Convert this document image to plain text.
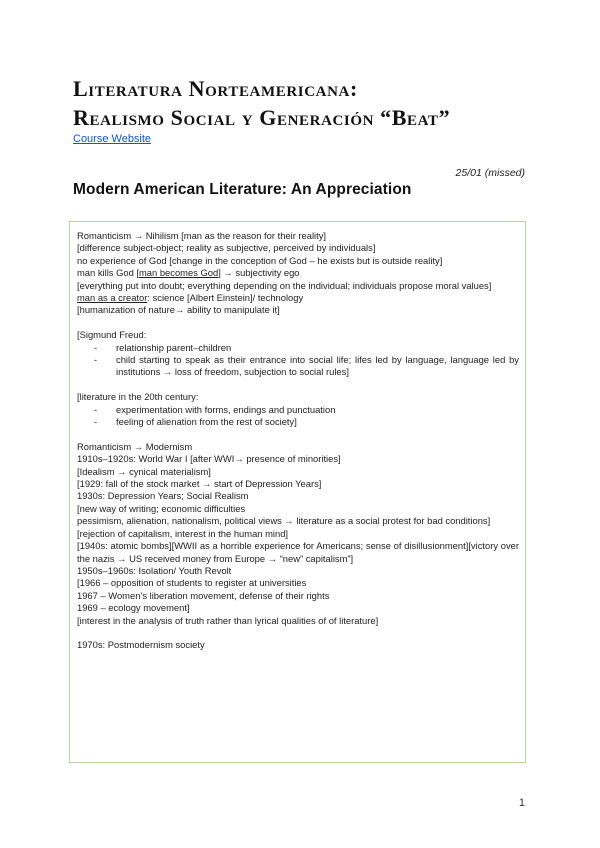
Literatura Norteamericana:
Realismo Social y Generación “Beat”
Course Website
25/01 (missed)
Modern American Literature: An Appreciation

Romanticism → Nihilism [man as the reason for their reality]

[difference subject-object; reality as subjective, perceived by individuals]

no experience of God [change in the conception of God – he exists but is outside reality]

man kills God [man becomes God] → subjectivity ego

[everything put into doubt; everything depending on the individual; individuals propose moral values]

man as a creator: science [Albert Einstein]/ technology

[humanization of nature→ ability to manipulate it]

[Sigmund Freud:

- relationship parent–children
- child starting to speak as their entrance into social life; lifes led by language, language led by institutions → loss of freedom, subjection to social rules]

[literature in the 20th century:

- experimentation with forms, endings and punctuation
- feeling of alienation from the rest of society]

Romanticism → Modernism

1910s–1920s: World War I [after WWI→ presence of minorities]

[Idealism → cynical materialism]

[1929: fall of the stock market → start of Depression Years]

1930s: Depression Years; Social Realism

[new way of writing; economic difficulties

pessimism, alienation, nationalism, political views → literature as a social protest for bad conditions]

[rejection of capitalism, interest in the human mind]

[1940s: atomic bombs][WWII as a horrible experience for Americans; sense of disillusionment][victory over the nazis → US received money from Europe → “new” capitalism”]

1950s–1960s: Isolation/ Youth Revolt

[1966 – opposition of students to register at universities

1967 – Women’s liberation movement, defense of their rights

1969 – ecology movement]

[interest in the analysis of truth rather than lyrical qualities of of literature]

1970s: Postmodernism society

1
